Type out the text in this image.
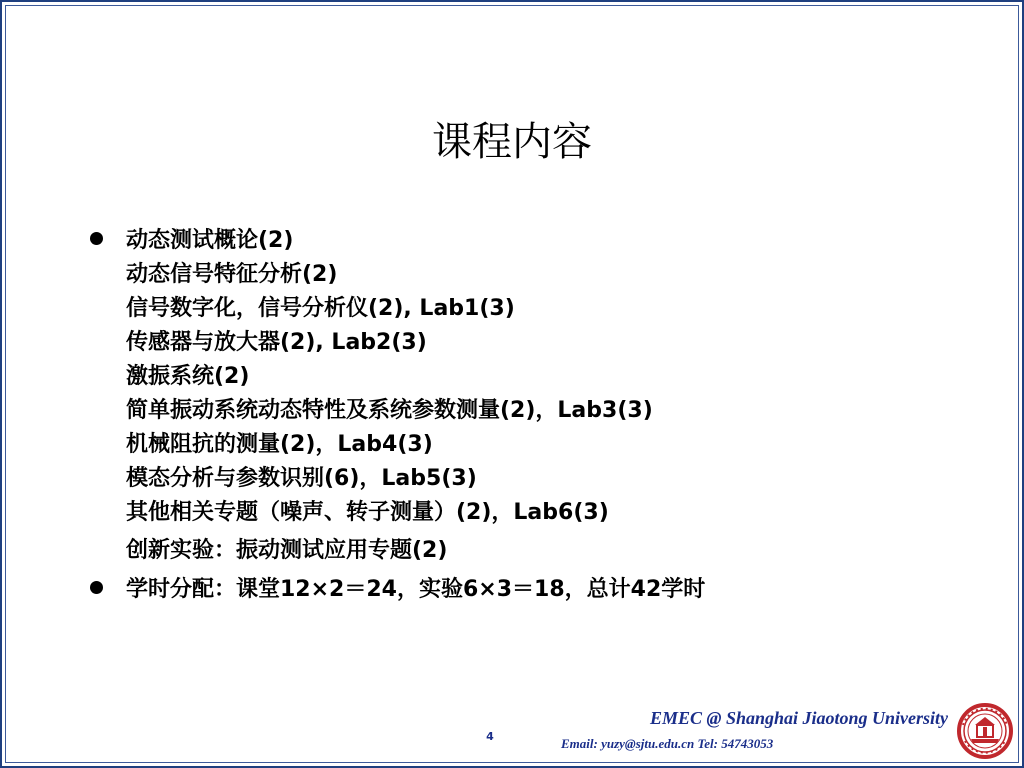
课程内容
动态测试概论(2)
动态信号特征分析(2)
信号数字化，信号分析仪(2), Lab1(3)
传感器与放大器(2), Lab2(3)
激振系统(2)
简单振动系统动态特性及系统参数测量(2)，Lab3(3)
机械阻抗的测量(2)，Lab4(3)
模态分析与参数识别(6)，Lab5(3)
其他相关专题（噪声、转子测量）(2)，Lab6(3)
创新实验：振动测试应用专题(2)
学时分配：课堂12×2＝24，实验6×3＝18，总计42学时
4
EMEC @ Shanghai Jiaotong University
Email: yuzy@sjtu.edu.cn Tel: 54743053
